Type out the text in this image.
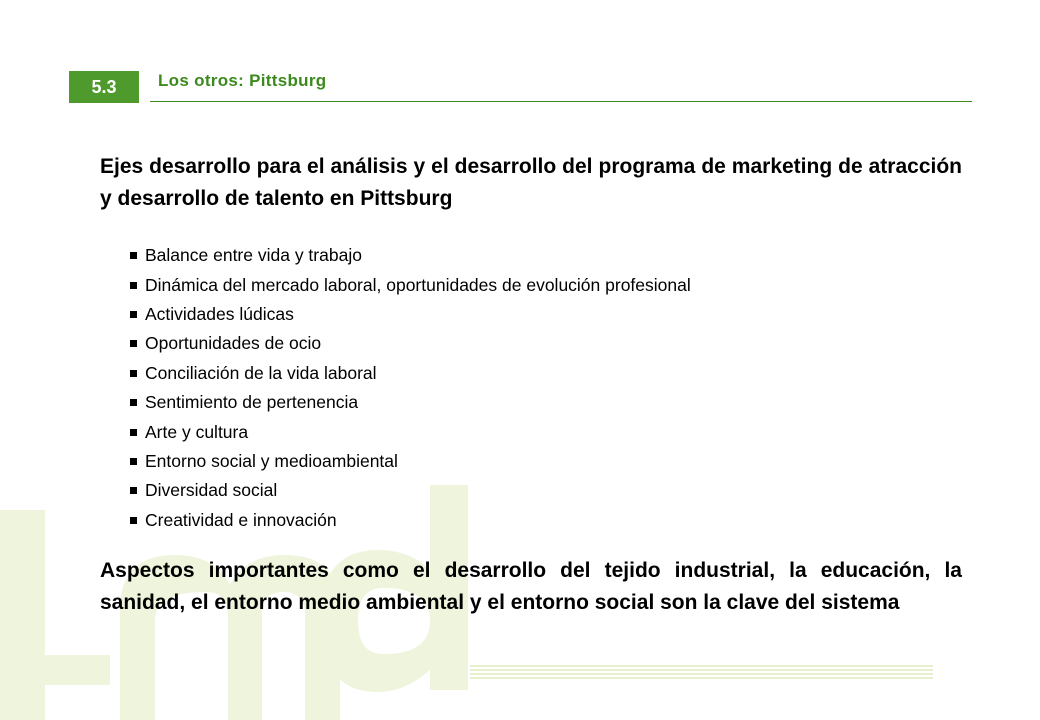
5.3	Los otros: Pittsburg
Ejes desarrollo para el análisis y el desarrollo del programa de marketing de atracción y desarrollo de talento en Pittsburg
Balance entre vida y trabajo
Dinámica del mercado laboral, oportunidades de evolución profesional
Actividades lúdicas
Oportunidades de ocio
Conciliación de la vida laboral
Sentimiento de pertenencia
Arte y cultura
Entorno social y medioambiental
Diversidad social
Creatividad e innovación
Aspectos importantes como el desarrollo del tejido industrial, la educación, la sanidad, el entorno medio ambiental y el entorno social son la clave del sistema
